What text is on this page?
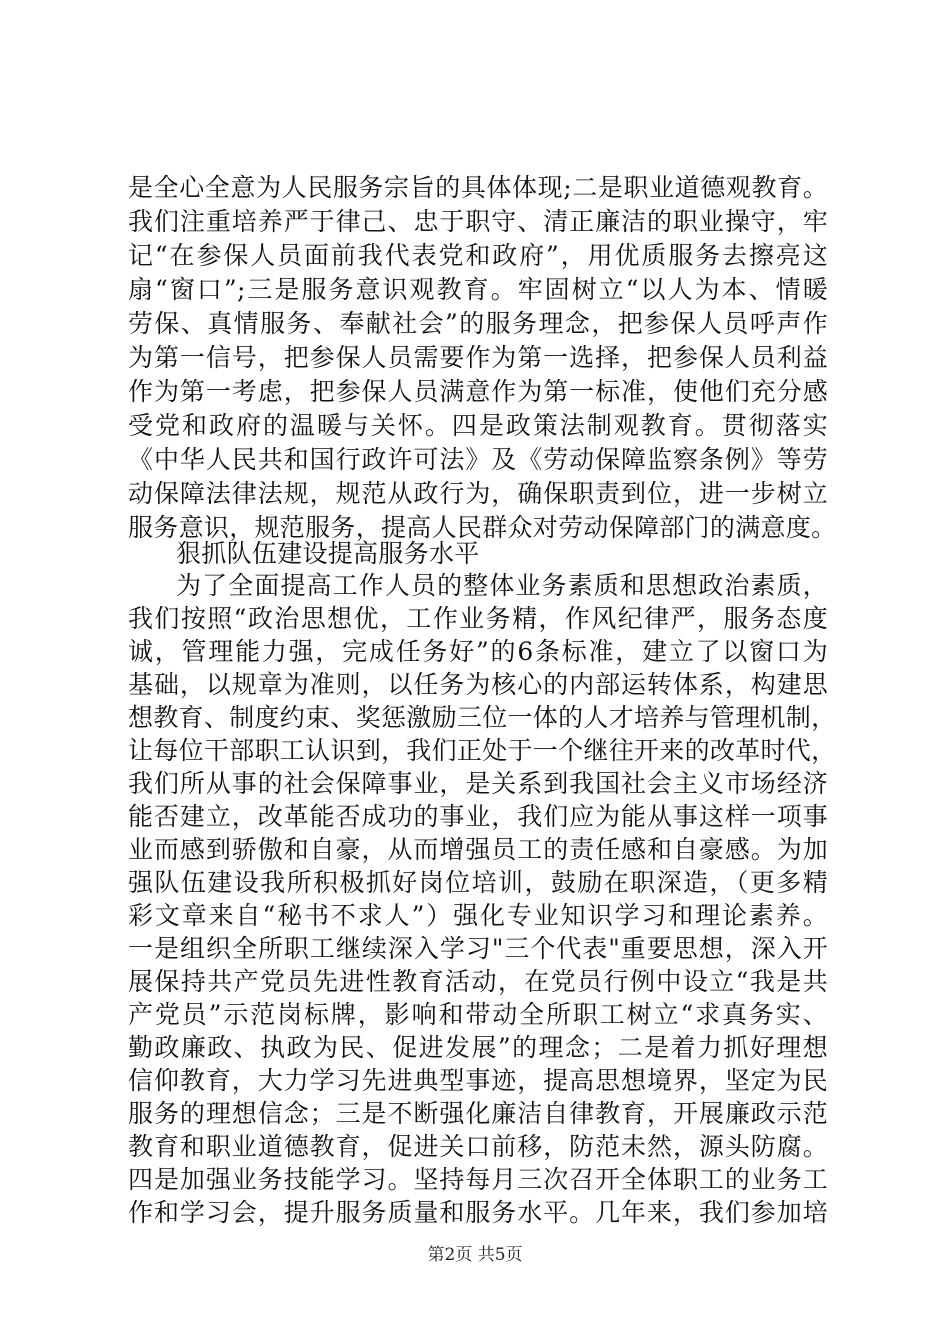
是全心全意为人民服务宗旨的具体体现;二是职业道德观教育。
我们注重培养严于律己、忠于职守、清正廉洁的职业操守，牢
记“在参保人员面前我代表党和政府”，用优质服务去擦亮这
扇“窗口”;三是服务意识观教育。牢固树立“以人为本、情暖
劳保、真情服务、奉献社会”的服务理念，把参保人员呼声作
为第一信号，把参保人员需要作为第一选择，把参保人员利益
作为第一考虑，把参保人员满意作为第一标准，使他们充分感
受党和政府的温暖与关怀。四是政策法制观教育。贯彻落实
《中华人民共和国行政许可法》及《劳动保障监察条例》等劳
动保障法律法规，规范从政行为，确保职责到位，进一步树立
服务意识，规范服务，提高人民群众对劳动保障部门的满意度。
狠抓队伍建设提高服务水平
为了全面提高工作人员的整体业务素质和思想政治素质，
我们按照“政治思想优，工作业务精，作风纪律严，服务态度
诚，管理能力强，完成任务好”的6条标准，建立了以窗口为
基础，以规章为准则，以任务为核心的内部运转体系，构建思
想教育、制度约束、奖惩激励三位一体的人才培养与管理机制，
让每位干部职工认识到，我们正处于一个继往开来的改革时代，
我们所从事的社会保障事业，是关系到我国社会主义市场经济
能否建立，改革能否成功的事业，我们应为能从事这样一项事
业而感到骄傲和自豪，从而增强员工的责任感和自豪感。为加
强队伍建设我所积极抓好岗位培训，鼓励在职深造，（更多精
彩文章来自“秘书不求人”）强化专业知识学习和理论素养。
一是组织全所职工继续深入学习"三个代表"重要思想，深入开
展保持共产党员先进性教育活动，在党员行例中设立“我是共
产党员”示范岗标牌，影响和带动全所职工树立“求真务实、
勤政廉政、执政为民、促进发展”的理念；二是着力抓好理想
信仰教育，大力学习先进典型事迹，提高思想境界，坚定为民
服务的理想信念；三是不断强化廉洁自律教育，开展廉政示范
教育和职业道德教育，促进关口前移，防范未然，源头防腐。
四是加强业务技能学习。坚持每月三次召开全体职工的业务工
作和学习会，提升服务质量和服务水平。几年来，我们参加培
第2页 共5页
